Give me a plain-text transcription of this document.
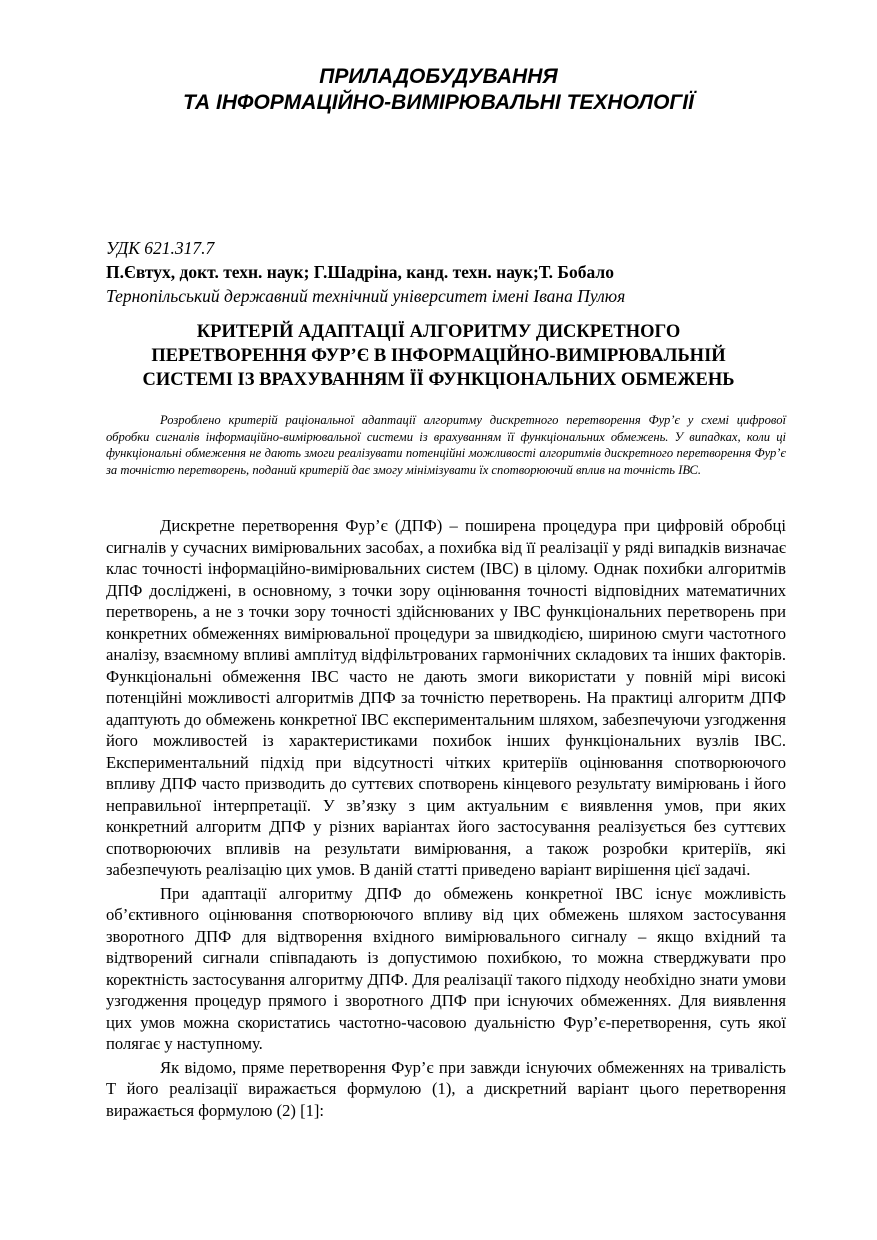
ПРИЛАДОБУДУВАННЯ
ТА ІНФОРМАЦІЙНО-ВИМІРЮВАЛЬНІ ТЕХНОЛОГІЇ
УДК 621.317.7
П.Євтух, докт. техн. наук; Г.Шадріна, канд. техн. наук;Т. Бобало
Тернопільський державний технічний університет імені Івана Пулюя
КРИТЕРІЙ АДАПТАЦІЇ АЛГОРИТМУ ДИСКРЕТНОГО
ПЕРЕТВОРЕННЯ ФУР’Є В ІНФОРМАЦІЙНО-ВИМІРЮВАЛЬНІЙ
СИСТЕМІ ІЗ ВРАХУВАННЯМ ЇЇ ФУНКЦІОНАЛЬНИХ ОБМЕЖЕНЬ
Розроблено критерій раціональної адаптації алгоритму дискретного перетворення Фур’є у схемі цифрової обробки сигналів інформаційно-вимірювальної системи із врахуванням її функціональних обмежень. У випадках, коли ці функціональні обмеження не дають змоги реалізувати потенційні можливості алгоритмів дискретного перетворення Фур’є за точністю перетворень, поданий критерій дає змогу мінімізувати їх спотворюючий вплив на точність ІВС.

Дискретне перетворення Фур’є (ДПФ) – поширена процедура при цифровій обробці сигналів у сучасних вимірювальних засобах, а похибка від її реалізації у ряді випадків визначає клас точності інформаційно-вимірювальних систем (ІВС) в цілому. Однак похибки алгоритмів ДПФ досліджені, в основному, з точки зору оцінювання точності відповідних математичних перетворень, а не з точки зору точності здійснюваних у ІВС функціональних перетворень при конкретних обмеженнях вимірювальної процедури за швидкодією, шириною смуги частотного аналізу, взаємному впливі амплітуд відфільтрованих гармонічних складових та інших факторів. Функціональні обмеження ІВС часто не дають змоги використати у повній мірі високі потенційні можливості алгоритмів ДПФ за точністю перетворень. На практиці алгоритм ДПФ адаптують до обмежень конкретної ІВС експериментальним шляхом, забезпечуючи узгодження його можливостей із характеристиками похибок інших функціональних вузлів ІВС. Експериментальний підхід при відсутності чітких критеріїв оцінювання спотворюючого впливу ДПФ часто призводить до суттєвих спотворень кінцевого результату вимірювань і його неправильної інтерпретації. У зв’язку з цим актуальним є виявлення умов, при яких конкретний алгоритм ДПФ у різних варіантах його застосування реалізується без суттєвих спотворюючих впливів на результати вимірювання, а також розробки критеріїв, які забезпечують реалізацію цих умов. В даній статті приведено варіант вирішення цієї задачі.

При адаптації алгоритму ДПФ до обмежень конкретної ІВС існує можливість об’єктивного оцінювання спотворюючого впливу від цих обмежень шляхом застосування зворотного ДПФ для відтворення вхідного вимірювального сигналу – якщо вхідний та відтворений сигнали співпадають із допустимою похибкою, то можна стверджувати про коректність застосування алгоритму ДПФ. Для реалізації такого підходу необхідно знати умови узгодження процедур прямого і зворотного ДПФ при існуючих обмеженнях. Для виявлення цих умов можна скористатись частотно-часовою дуальністю Фур’є-перетворення, суть якої полягає у наступному.

Як відомо, пряме перетворення Фур’є при завжди існуючих обмеженнях на тривалість T його реалізації виражається формулою (1), а дискретний варіант цього перетворення виражається формулою (2) [1]:
